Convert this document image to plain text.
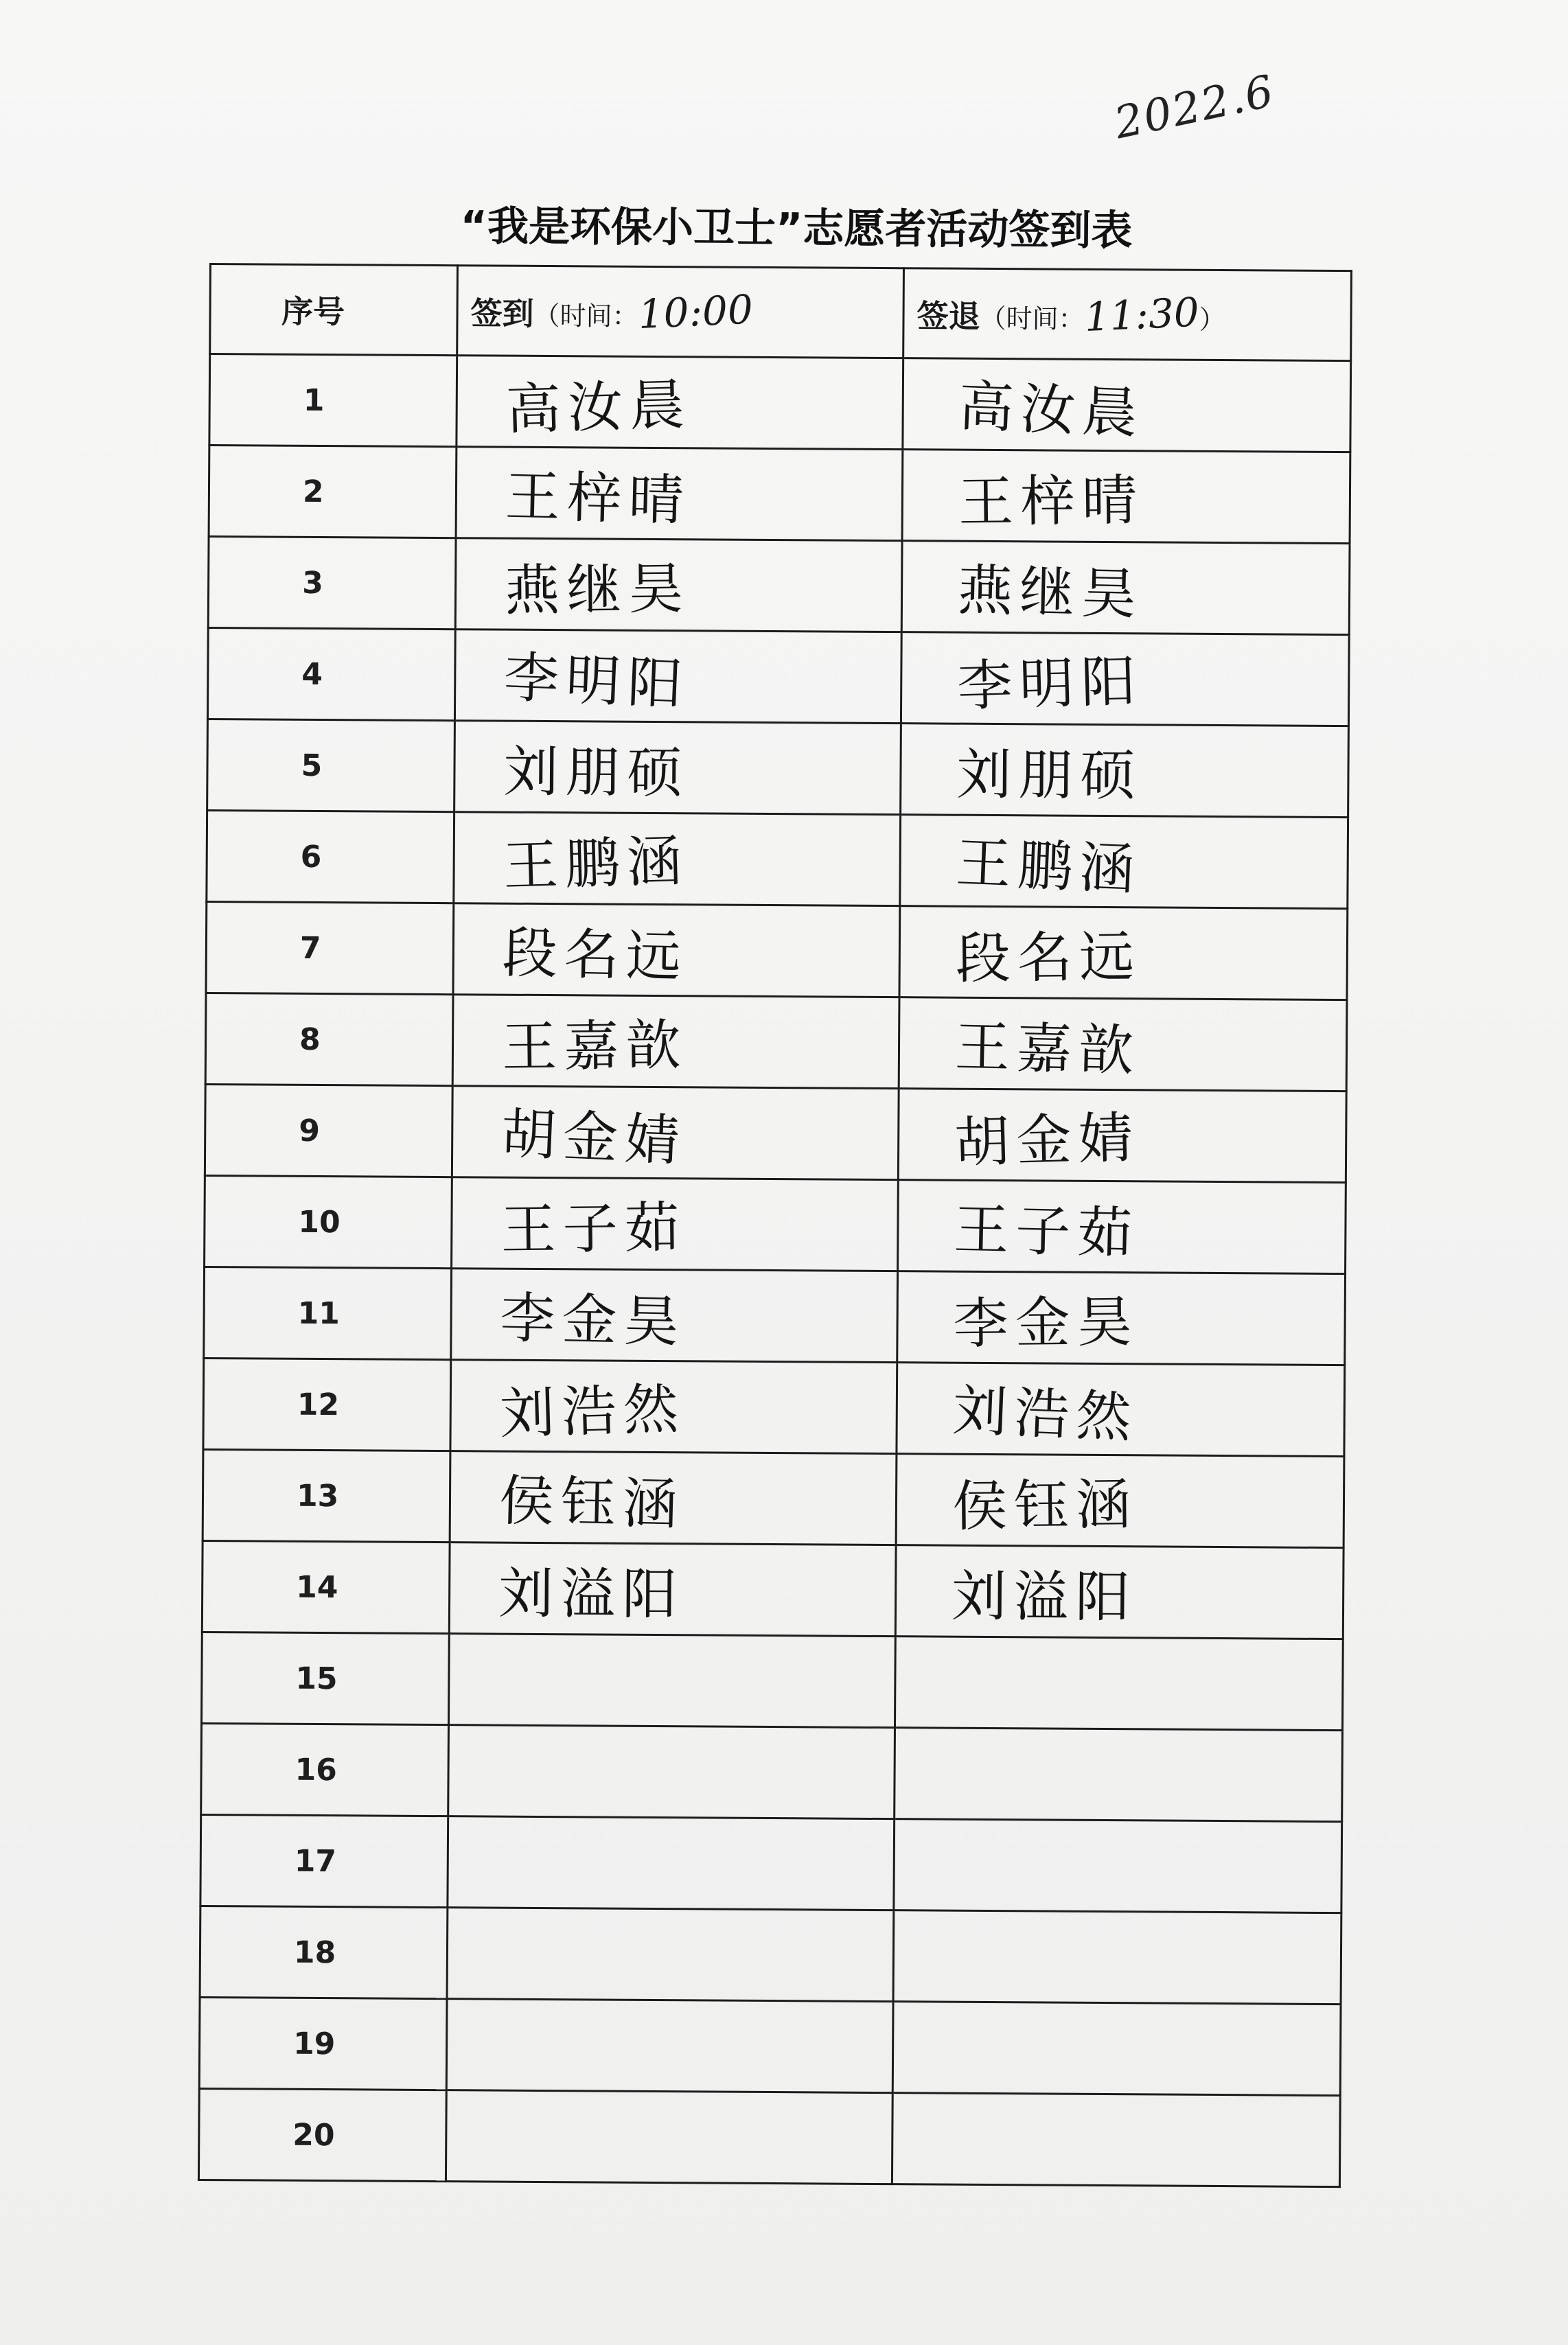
2022.6
“我是环保小卫士”志愿者活动签到表
序号	签到（时间：10:00	签退（时间：11:30）
1	高汝晨	高汝晨
2	王梓晴	王梓晴
3	燕继昊	燕继昊
4	李明阳	李明阳
5	刘朋硕	刘朋硕
6	王鹏涵	王鹏涵
7	段名远	段名远
8	王嘉歆	王嘉歆
9	胡金婧	胡金婧
10	王子茹	王子茹
11	李金昊	李金昊
12	刘浩然	刘浩然
13	侯钰涵	侯钰涵
14	刘溢阳	刘溢阳
15		
16		
17		
18		
19		
20		
